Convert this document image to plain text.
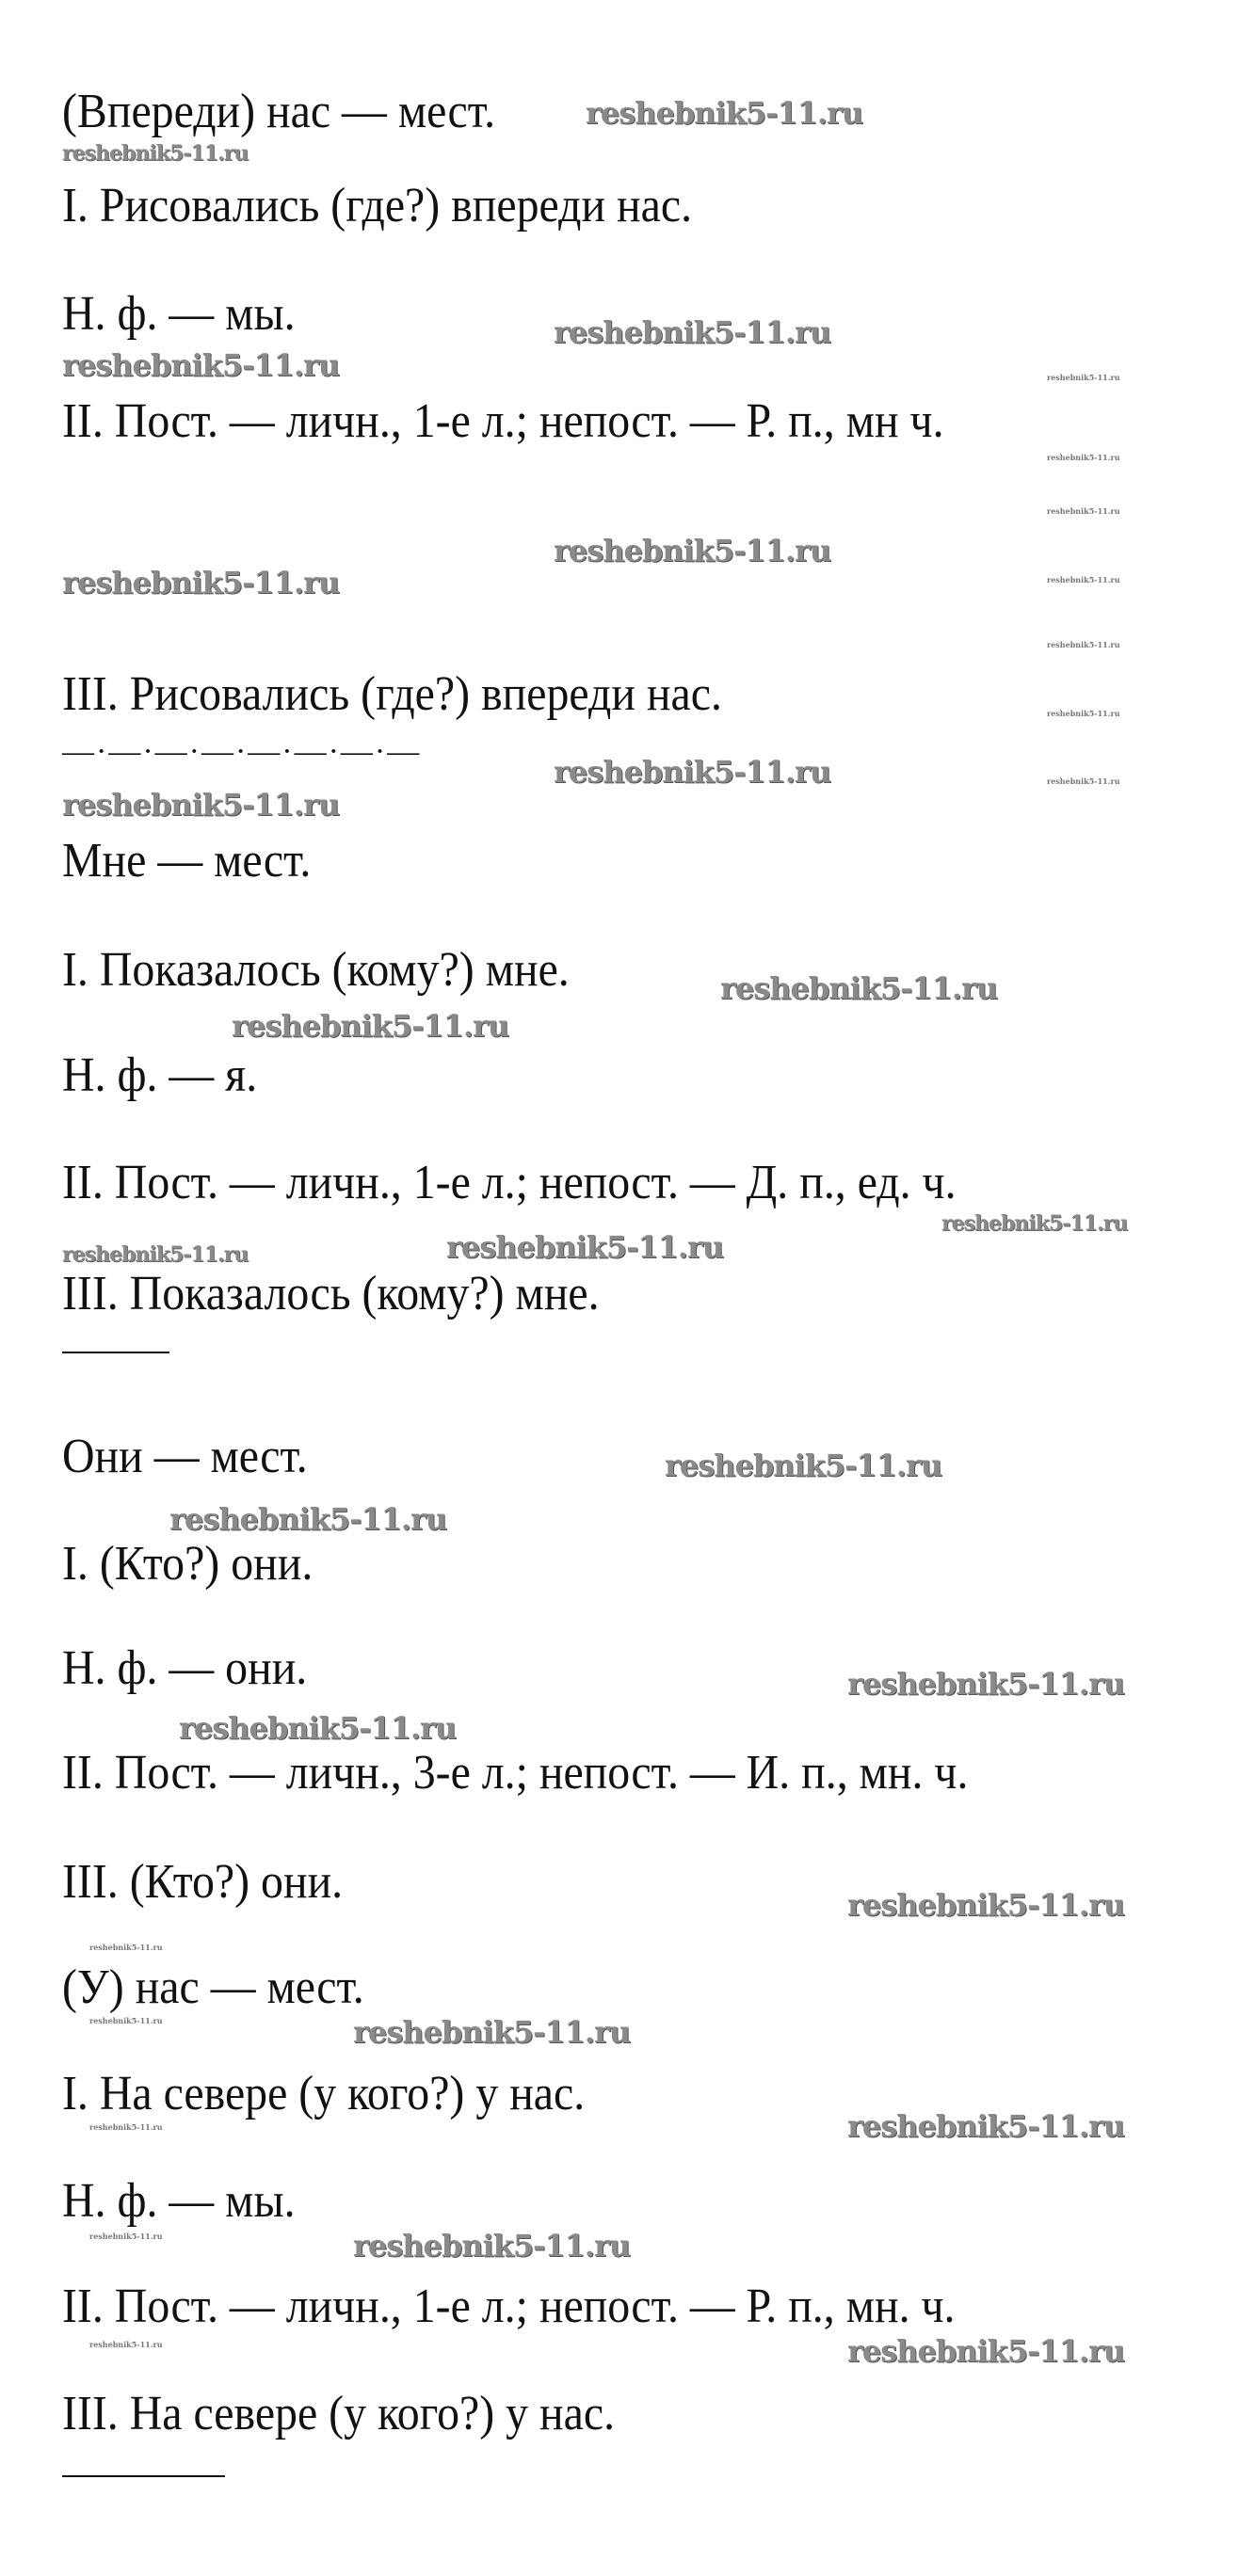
(Впереди) нас — мест.
I. Рисовались (где?) впереди нас.
Н. ф. — мы.
II. Пост. — личн., 1-е л.; непост. — Р. п., мн ч.
III. Рисовались (где?) впереди нас.
Мне — мест.
I. Показалось (кому?) мне.
Н. ф. — я.
II. Пост. — личн., 1-е л.; непост. — Д. п., ед. ч.
III. Показалось (кому?) мне.
Они — мест.
I. (Кто?) они.
Н. ф. — они.
II. Пост. — личн., 3-е л.; непост. — И. п., мн. ч.
III. (Кто?) они.
(У) нас — мест.
I. На севере (у кого?) у нас.
Н. ф. — мы.
II. Пост. — личн., 1-е л.; непост. — Р. п., мн. ч.
III. На севере (у кого?) у нас.
—·—·—·—·—·—·—·—
reshebnik5-11.ru
reshebnik5-11.ru
reshebnik5-11.ru
reshebnik5-11.ru
reshebnik5-11.ru
reshebnik5-11.ru
reshebnik5-11.ru
reshebnik5-11.ru
reshebnik5-11.ru
reshebnik5-11.ru
reshebnik5-11.ru
reshebnik5-11.ru
reshebnik5-11.ru
reshebnik5-11.ru
reshebnik5-11.ru
reshebnik5-11.ru
reshebnik5-11.ru
reshebnik5-11.ru
reshebnik5-11.ru
reshebnik5-11.ru
reshebnik5-11.ru
reshebnik5-11.ru
reshebnik5-11.ru
reshebnik5-11.ru
reshebnik5-11.ru
reshebnik5-11.ru
reshebnik5-11.ru
reshebnik5-11.ru
reshebnik5-11.ru
reshebnik5-11.ru
reshebnik5-11.ru
reshebnik5-11.ru
reshebnik5-11.ru
reshebnik5-11.ru
